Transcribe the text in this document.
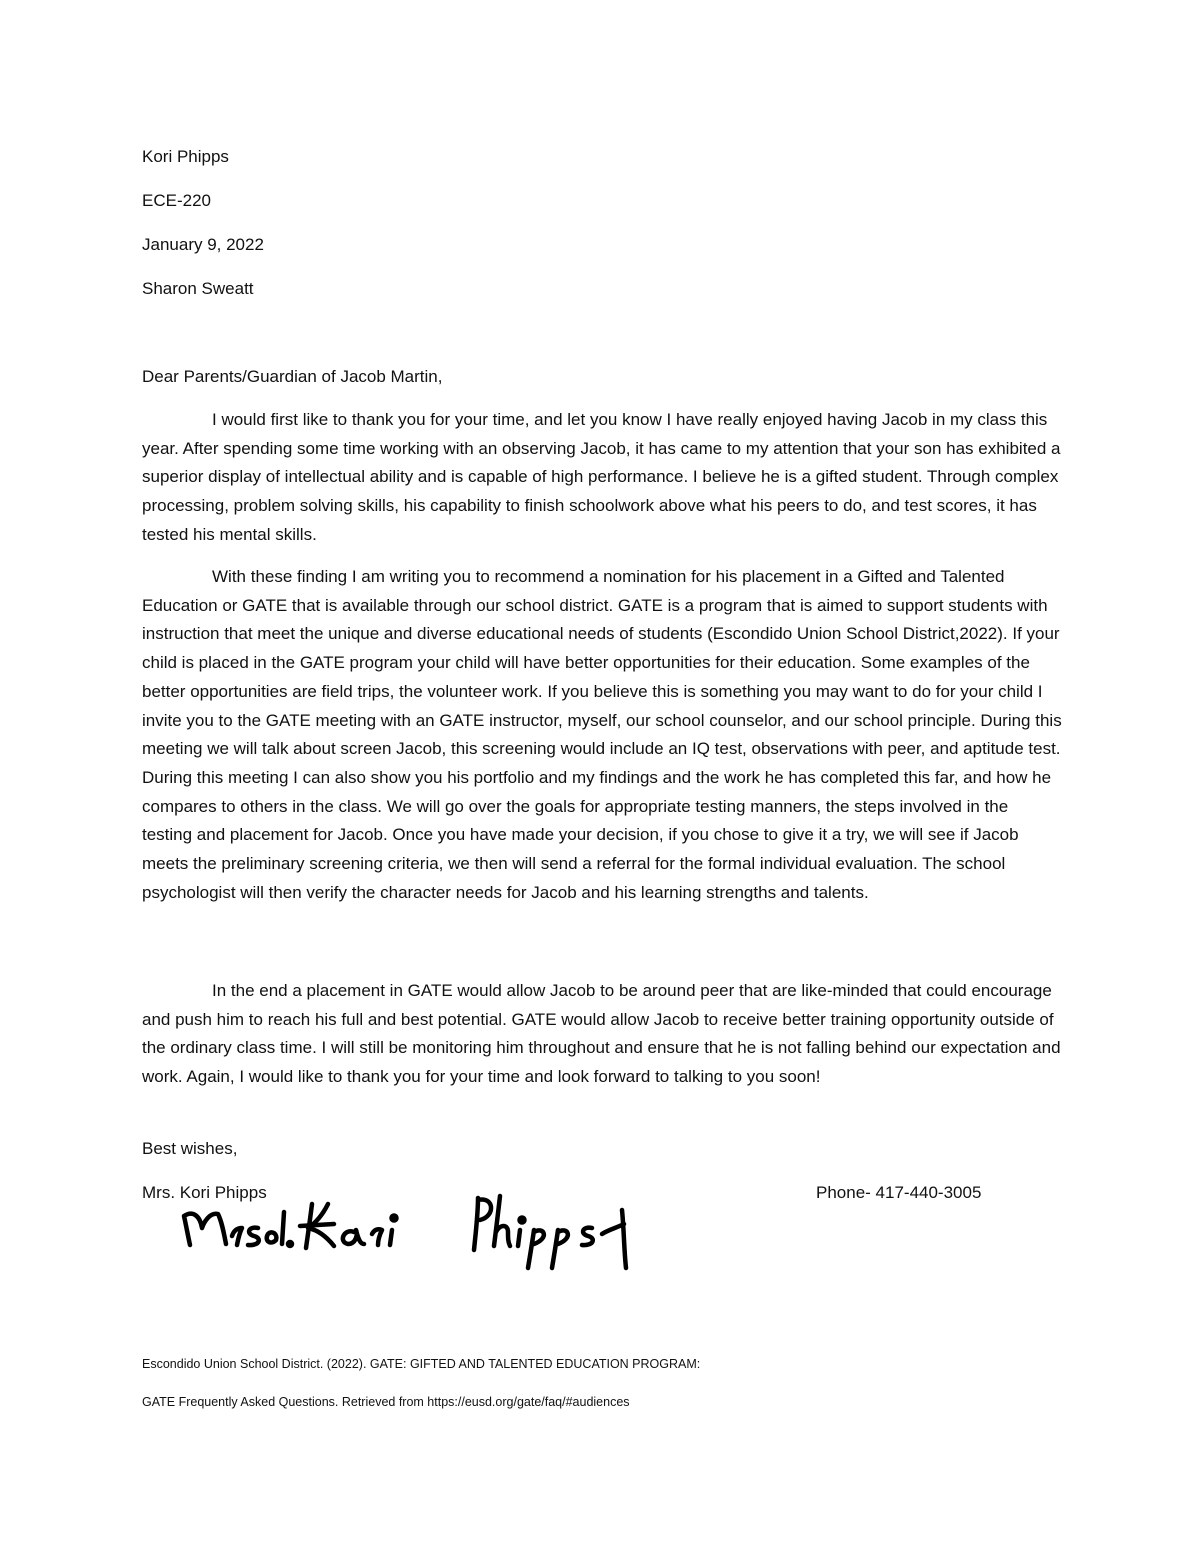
Kori Phipps
ECE-220
January 9, 2022
Sharon Sweatt
Dear Parents/Guardian of Jacob Martin,

I would first like to thank you for your time, and let you know I have really enjoyed having Jacob in my class this year. After spending some time working with an observing Jacob, it has came to my attention that your son has exhibited a superior display of intellectual ability and is capable of high performance. I believe he is a gifted student. Through complex processing, problem solving skills, his capability to finish schoolwork above what his peers to do, and test scores, it has tested his mental skills.

With these finding I am writing you to recommend a nomination for his placement in a Gifted and Talented Education or GATE that is available through our school district. GATE is a program that is aimed to support students with instruction that meet the unique and diverse educational needs of students (Escondido Union School District,2022). If your child is placed in the GATE program your child will have better opportunities for their education. Some examples of the better opportunities are field trips, the volunteer work. If you believe this is something you may want to do for your child I invite you to the GATE meeting with an GATE instructor, myself, our school counselor, and our school principle. During this meeting we will talk about screen Jacob, this screening would include an IQ test, observations with peer, and aptitude test. During this meeting I can also show you his portfolio and my findings and the work he has completed this far, and how he compares to others in the class. We will go over the goals for appropriate testing manners, the steps involved in the testing and placement for Jacob. Once you have made your decision, if you chose to give it a try, we will see if Jacob meets the preliminary screening criteria, we then will send a referral for the formal individual evaluation. The school psychologist will then verify the character needs for Jacob and his learning strengths and talents.

In the end a placement in GATE would allow Jacob to be around peer that are like-minded that could encourage and push him to reach his full and best potential. GATE would allow Jacob to receive better training opportunity outside of the ordinary class time. I will still be monitoring him throughout and ensure that he is not falling behind our expectation and work. Again, I would like to thank you for your time and look forward to talking to you soon!

Best wishes,
Mrs. Kori Phipps	Phone- 417-440-3005
Escondido Union School District. (2022). GATE: GIFTED AND TALENTED EDUCATION PROGRAM:
GATE Frequently Asked Questions. Retrieved from https://eusd.org/gate/faq/#audiences
